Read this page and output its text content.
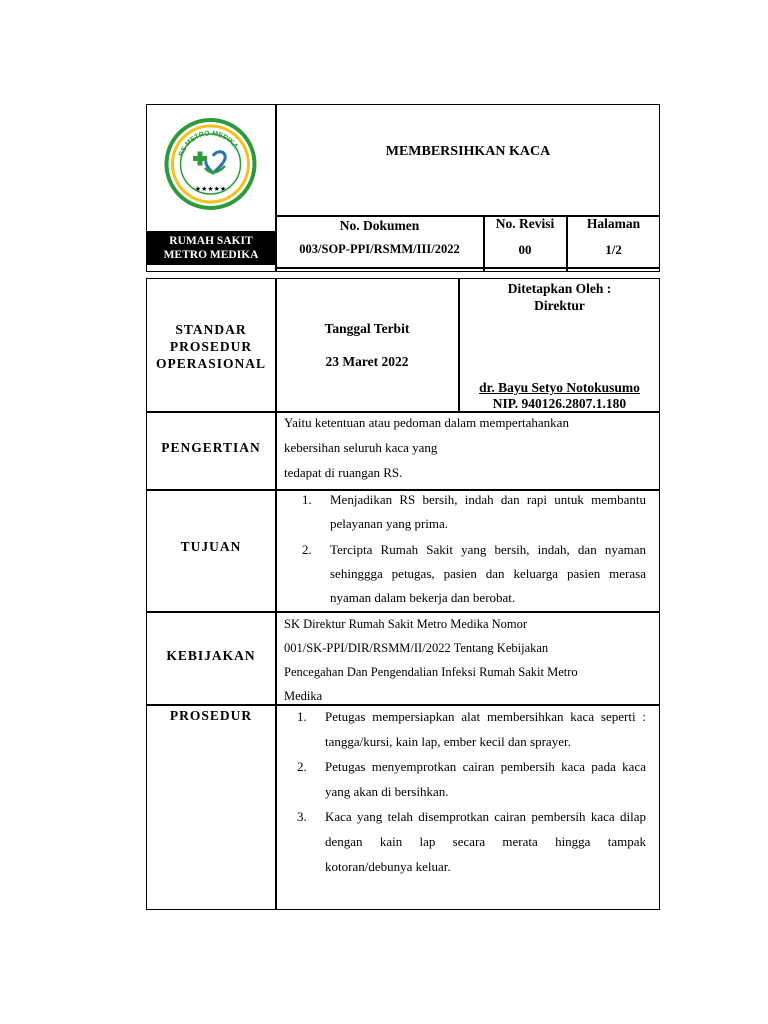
RS METRO MEDIKA
★★★★★
RUMAH SAKIT
METRO MEDIKA
MEMBERSIHKAN KACA
No. Dokumen
003/SOP-PPI/RSMM/III/2022
No. Revisi
00
Halaman
1/2
STANDAR
PROSEDUR
OPERASIONAL
Tanggal Terbit
23 Maret 2022
Ditetapkan Oleh :
Direktur
dr. Bayu Setyo Notokusumo
NIP. 940126.2807.1.180
PENGERTIAN
Yaitu ketentuan atau pedoman dalam mempertahankan
kebersihan seluruh kaca yang
tedapat di ruangan RS.
TUJUAN
1. Menjadikan RS bersih, indah dan rapi untuk membantu pelayanan yang prima.
2. Tercipta Rumah Sakit yang bersih, indah, dan nyaman sehinggga petugas, pasien dan keluarga pasien merasa nyaman dalam bekerja dan berobat.
KEBIJAKAN
SK Direktur Rumah Sakit Metro Medika Nomor
001/SK-PPI/DIR/RSMM/II/2022 Tentang Kebijakan
Pencegahan Dan Pengendalian Infeksi Rumah Sakit Metro
Medika
PROSEDUR	1. Petugas mempersiapkan alat membersihkan kaca seperti : tangga/kursi, kain lap, ember kecil dan sprayer.
2. Petugas menyemprotkan cairan pembersih kaca pada kaca yang akan di bersihkan.
3. Kaca yang telah disemprotkan cairan pembersih kaca dilap dengan kain lap secara merata hingga tampak kotoran/debunya keluar.
